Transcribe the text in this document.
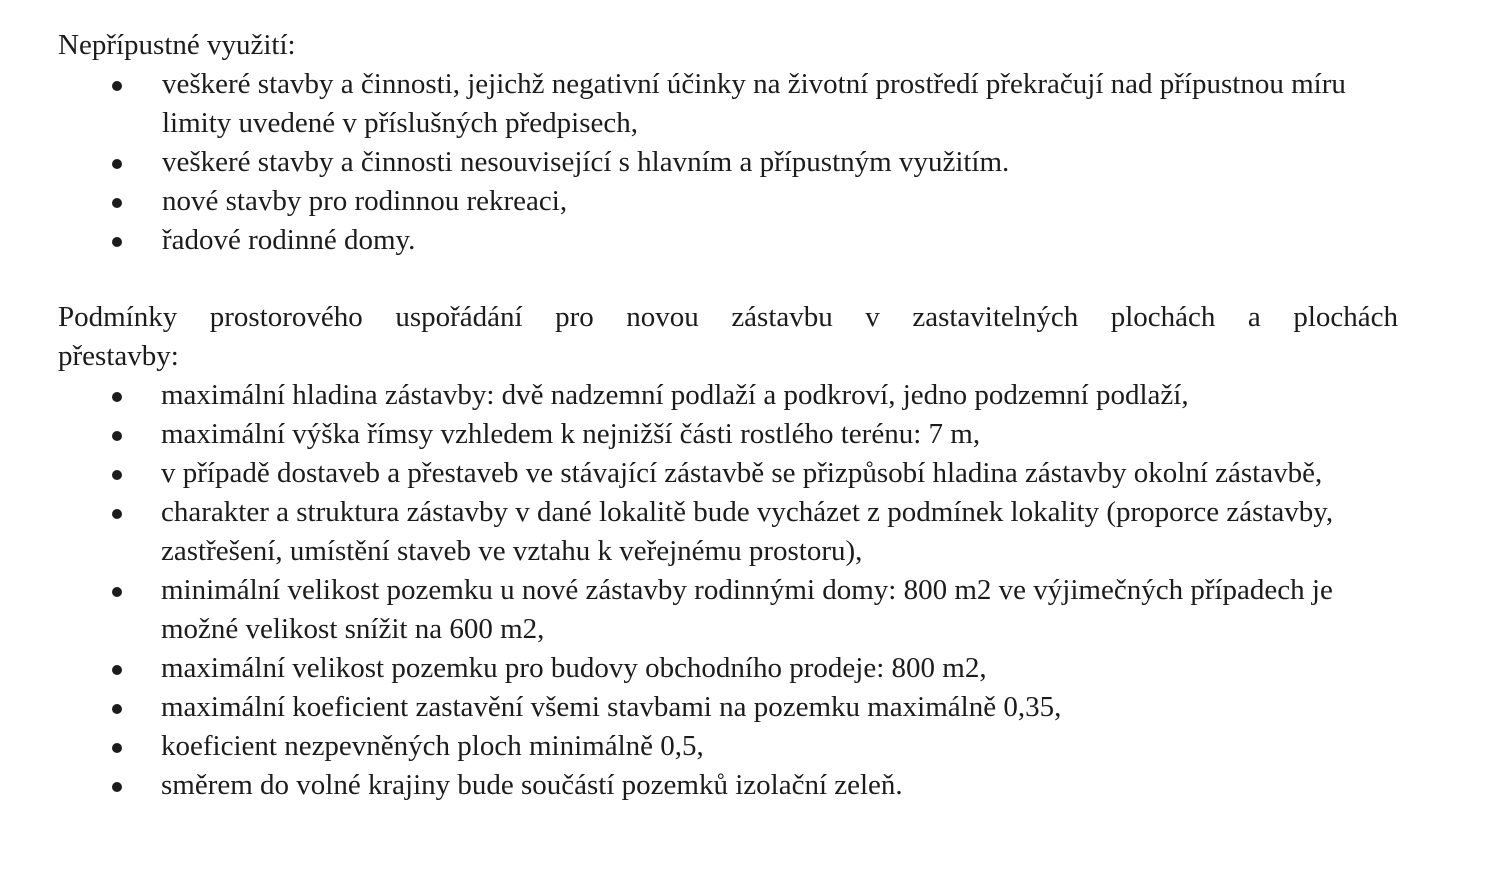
Nepřípustné využití:

veškeré stavby a činnosti, jejichž negativní účinky na životní prostředí překračují nad přípustnou míru limity uvedené v příslušných předpisech,
veškeré stavby a činnosti nesouvisející s hlavním a přípustným využitím.
nové stavby pro rodinnou rekreaci,
řadové rodinné domy.

Podmínky prostorového uspořádání pro novou zástavbu v zastavitelných plochách a plochách
přestavby:

maximální hladina zástavby: dvě nadzemní podlaží a podkroví, jedno podzemní podlaží,
maximální výška římsy vzhledem k nejnižší části rostlého terénu: 7 m,
v případě dostaveb a přestaveb ve stávající zástavbě se přizpůsobí hladina zástavby okolní zástavbě,
charakter a struktura zástavby v dané lokalitě bude vycházet z podmínek lokality (proporce zástavby, zastřešení, umístění staveb ve vztahu k veřejnému prostoru),
minimální velikost pozemku u nové zástavby rodinnými domy: 800 m2 ve výjimečných případech je možné velikost snížit na 600 m2,
maximální velikost pozemku pro budovy obchodního prodeje: 800 m2,
maximální koeficient zastavění všemi stavbami na pozemku maximálně 0,35,
koeficient nezpevněných ploch minimálně 0,5,
směrem do volné krajiny bude součástí pozemků izolační zeleň.
